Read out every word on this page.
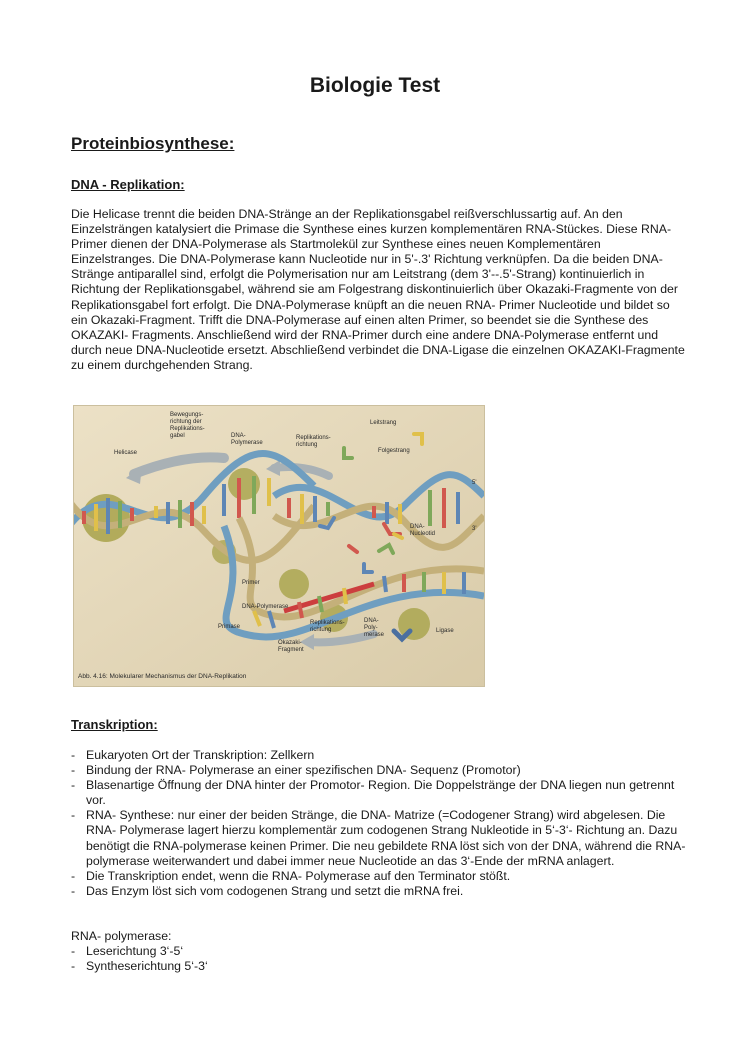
Biologie Test
Proteinbiosynthese:
DNA - Replikation:

Die Helicase trennt die beiden DNA-Stränge an der Replikationsgabel reißverschlussartig auf. An den Einzelsträngen katalysiert die Primase die Synthese eines kurzen komplementären RNA-Stückes. Diese RNA-Primer dienen der DNA-Polymerase als Startmolekül zur Synthese eines neuen Komplementären Einzelstranges. Die DNA-Polymerase kann Nucleotide nur in 5'-.3' Richtung verknüpfen. Da die beiden DNA-Stränge antiparallel sind, erfolgt die Polymerisation nur am Leitstrang (dem 3'--.5'-Strang) kontinuierlich in Richtung der Replikationsgabel, während sie am Folgestrang diskontinuierlich über Okazaki-Fragmente von der Replikationsgabel fort erfolgt. Die DNA-Polymerase knüpft an die neuen RNA- Primer Nucleotide und bildet so ein Okazaki-Fragment. Trifft die DNA-Polymerase auf einen alten Primer, so beendet sie die Synthese des OKAZAKI- Fragments. Anschließend wird der RNA-Primer durch eine andere DNA-Polymerase entfernt und durch neue DNA-Nucleotide ersetzt. Abschließend verbindet die DNA-Ligase die einzelnen OKAZAKI-Fragmente zu einem durchgehenden Strang.

Bewegungs-
richtung der
Replikations-
gabel
Helicase
DNA-
Polymerase
Replikations-
richtung
Leitstrang
Folgestrang
DNA-
Nucleotid
Primer
DNA-Polymerase
Primase
Okazaki-
Fragment
Replikations-
richtung
DNA-
Poly-
merase
Ligase
5'
3'
Abb. 4.16: Molekularer Mechanismus der DNA-Replikation
Transkription:
- Eukaryoten Ort der Transkription: Zellkern
- Bindung der RNA- Polymerase an einer spezifischen DNA- Sequenz (Promotor)
- Blasenartige Öffnung der DNA hinter der Promotor- Region. Die Doppelstränge der DNA liegen nun getrennt vor.
- RNA- Synthese: nur einer der beiden Stränge, die DNA- Matrize (=Codogener Strang) wird abgelesen. Die RNA- Polymerase lagert hierzu komplementär zum codogenen Strang Nukleotide in 5‘-3‘- Richtung an. Dazu benötigt die RNA-polymerase keinen Primer. Die neu gebildete RNA löst sich von der DNA, während die RNA- polymerase weiterwandert und dabei immer neue Nucleotide an das 3‘-Ende der mRNA anlagert.
- Die Transkription endet, wenn die RNA- Polymerase auf den Terminator stößt.
- Das Enzym löst sich vom codogenen Strang und setzt die mRNA frei.

RNA- polymerase:

- Leserichtung 3‘-5‘
- Syntheserichtung 5‘-3‘
